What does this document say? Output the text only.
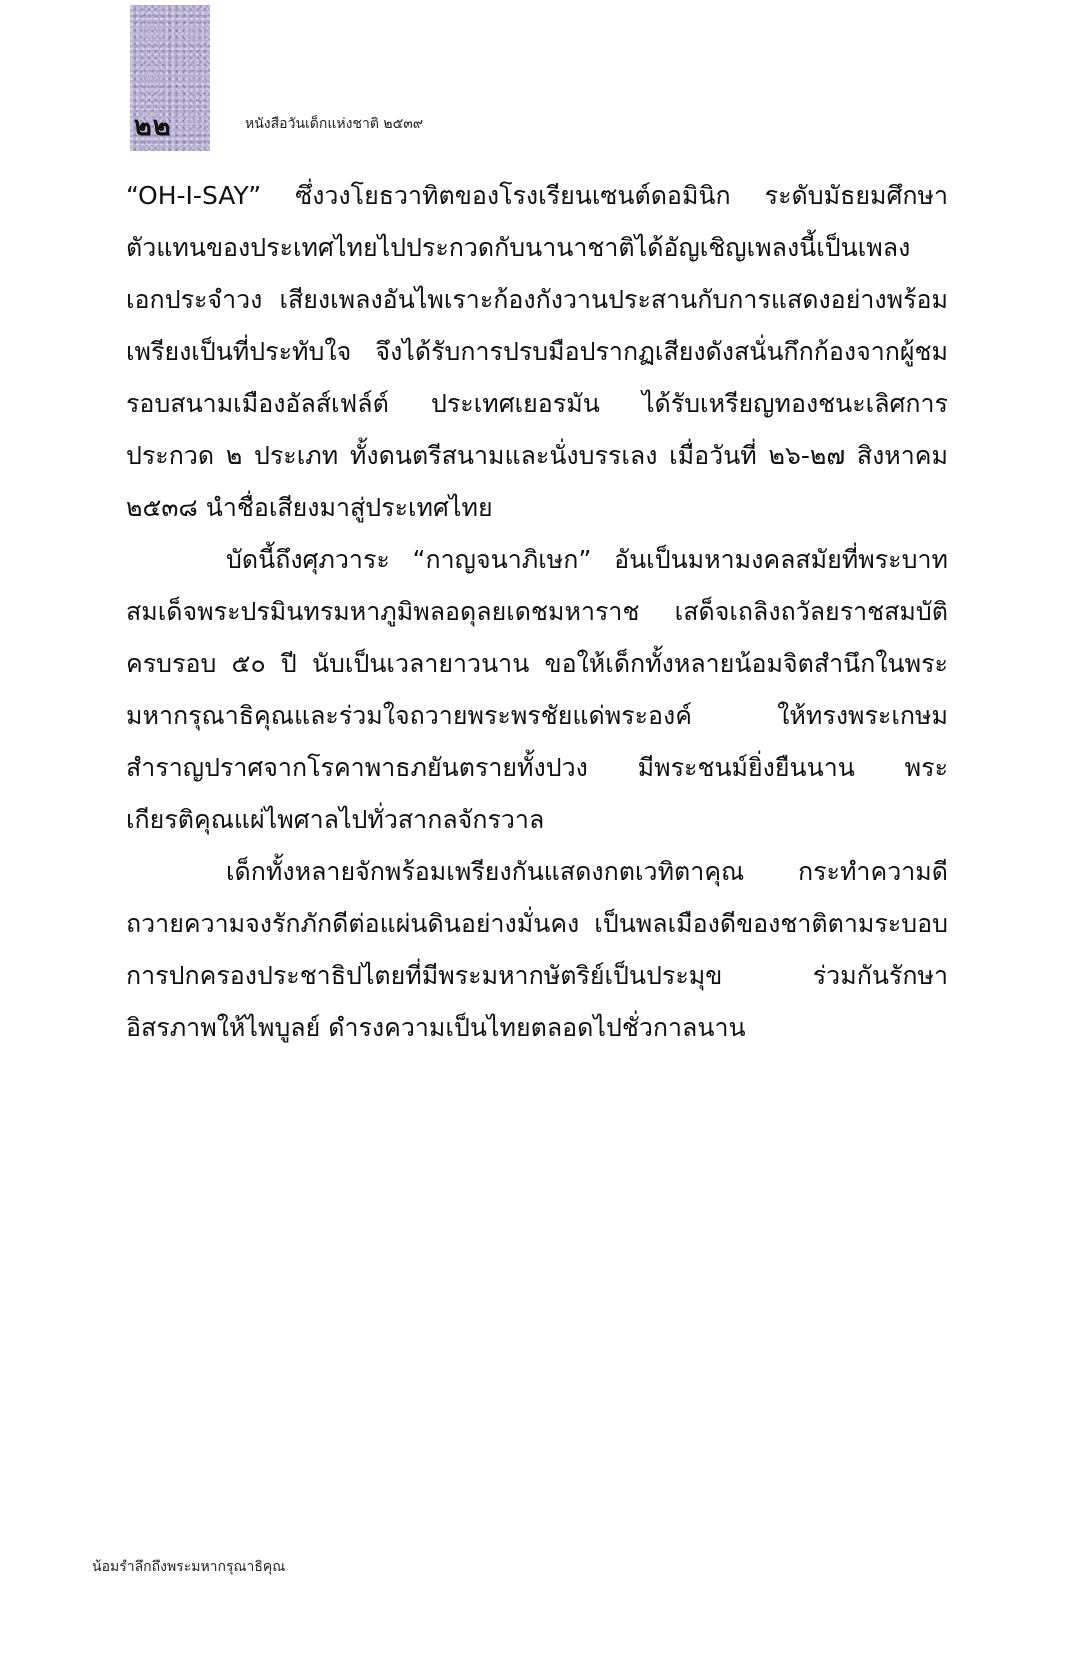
๒๒	หนังสือวันเด็กแห่งชาติ ๒๕๓๙

“OH-I-SAY” ซึ่งวงโยธวาทิตของโรงเรียนเซนต์ดอมินิก ระดับมัธยมศึกษา ตัวแทนของประเทศไทยไปประกวดกับนานาชาติได้อัญเชิญเพลงนี้เป็นเพลงเอกประจำวง เสียงเพลงอันไพเราะก้องกังวานประสานกับการแสดงอย่างพร้อมเพรียงเป็นที่ประทับใจ จึงได้รับการปรบมือปรากฏเสียงดังสนั่นกึกก้องจากผู้ชมรอบสนามเมืองอัลส์เฟล์ต์ ประเทศเยอรมัน ได้รับเหรียญทองชนะเลิศการประกวด ๒ ประเภท ทั้งดนตรีสนามและนั่งบรรเลง เมื่อวันที่ ๒๖-๒๗ สิงหาคม ๒๕๓๘ นำชื่อเสียงมาสู่ประเทศไทย

บัดนี้ถึงศุภวาระ “กาญจนาภิเษก” อันเป็นมหามงคลสมัยที่พระบาทสมเด็จพระปรมินทรมหาภูมิพลอดุลยเดชมหาราช เสด็จเถลิงถวัลยราชสมบัติครบรอบ ๕๐ ปี นับเป็นเวลายาวนาน ขอให้เด็กทั้งหลายน้อมจิตสำนึกในพระมหากรุณาธิคุณและร่วมใจถวายพระพรชัยแด่พระองค์ ให้ทรงพระเกษมสำราญปราศจากโรคาพาธภยันตรายทั้งปวง มีพระชนม์ยิ่งยืนนาน พระเกียรติคุณแผ่ไพศาลไปทั่วสากลจักรวาล

เด็กทั้งหลายจักพร้อมเพรียงกันแสดงกตเวทิตาคุณ กระทำความดี ถวายความจงรักภักดีต่อแผ่นดินอย่างมั่นคง เป็นพลเมืองดีของชาติตามระบอบการปกครองประชาธิปไตยที่มีพระมหากษัตริย์เป็นประมุข ร่วมกันรักษาอิสรภาพให้ไพบูลย์ ดำรงความเป็นไทยตลอดไปชั่วกาลนาน

น้อมรำลึกถึงพระมหากรุณาธิคุณ
